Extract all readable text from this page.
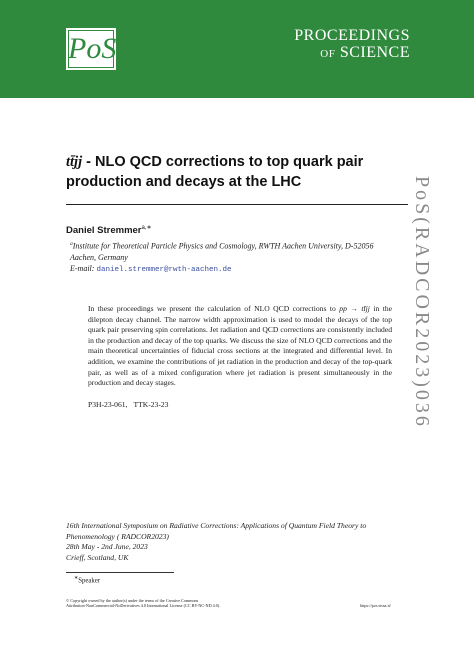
PoS	PROCEEDINGS
OF SCIENCE
tt̄jj - NLO QCD corrections to top quark pair production and decays at the LHC
Daniel Stremmer$^{a,∗}$
$^a$Institute for Theoretical Particle Physics and Cosmology, RWTH Aachen University, D-52056 Aachen, Germany
E-mail: daniel.stremmer@rwth-aachen.de
In these proceedings we present the calculation of NLO QCD corrections to pp → tt̄jj in the dilepton decay channel. The narrow width approximation is used to model the decays of the top quark pair preserving spin correlations. Jet radiation and QCD corrections are consistently included in the production and decay of the top quarks. We discuss the size of NLO QCD corrections and the main theoretical uncertainties of fiducial cross sections at the integrated and differential level. In addition, we examine the contributions of jet radiation in the production and decay of the top-quark pair, as well as of a mixed configuration where jet radiation is present simultaneously in the production and decay stages.
P3H-23-061, TTK-23-23
16th International Symposium on Radiative Corrections: Applications of Quantum Field Theory to Phenomenology ( RADCOR2023)
28th May - 2nd June, 2023
Crieff, Scotland, UK
∗Speaker
© Copyright owned by the author(s) under the terms of the Creative Commons
Attribution-NonCommercial-NoDerivatives 4.0 International License (CC BY-NC-ND 4.0).	https://pos.sissa.it/
PoS(RADCOR2023)036
